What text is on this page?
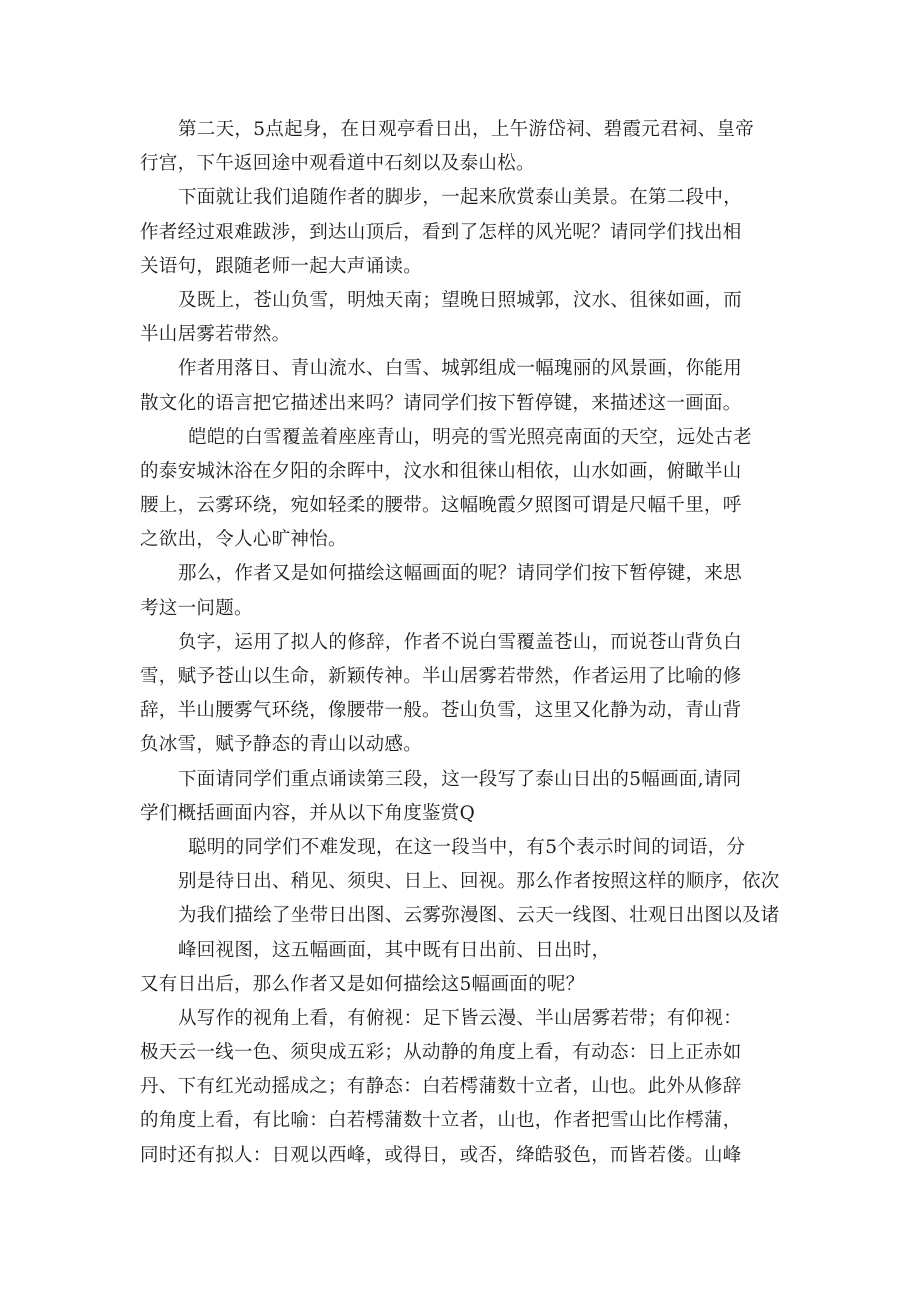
第二天，5点起身，在日观亭看日出，上午游岱祠、碧霞元君祠、皇帝
行宫，下午返回途中观看道中石刻以及泰山松。
下面就让我们追随作者的脚步，一起来欣赏泰山美景。在第二段中，
作者经过艰难跋涉，到达山顶后，看到了怎样的风光呢？请同学们找出相
关语句，跟随老师一起大声诵读。
及既上，苍山负雪，明烛天南；望晚日照城郭，汶水、徂徕如画，而
半山居雾若带然。
作者用落日、青山流水、白雪、城郭组成一幅瑰丽的风景画，你能用
散文化的语言把它描述出来吗？请同学们按下暂停键，来描述这一画面。
皑皑的白雪覆盖着座座青山，明亮的雪光照亮南面的天空，远处古老
的泰安城沐浴在夕阳的余晖中，汶水和徂徕山相依，山水如画，俯瞰半山
腰上，云雾环绕，宛如轻柔的腰带。这幅晚霞夕照图可谓是尺幅千里，呼
之欲出，令人心旷神怡。
那么，作者又是如何描绘这幅画面的呢？请同学们按下暂停键，来思
考这一问题。
负字，运用了拟人的修辞，作者不说白雪覆盖苍山，而说苍山背负白
雪，赋予苍山以生命，新颖传神。半山居雾若带然，作者运用了比喻的修
辞，半山腰雾气环绕，像腰带一般。苍山负雪，这里又化静为动，青山背
负冰雪，赋予静态的青山以动感。
下面请同学们重点诵读第三段，这一段写了泰山日出的5幅画面,请同
学们概括画面内容，并从以下角度鉴赏Q
聪明的同学们不难发现，在这一段当中，有5个表示时间的词语，分
别是待日出、稍见、须臾、日上、回视。那么作者按照这样的顺序，依次
为我们描绘了坐带日出图、云雾弥漫图、云天一线图、壮观日出图以及诸
峰回视图，这五幅画面，其中既有日出前、日出时，
又有日出后，那么作者又是如何描绘这5幅画面的呢？
从写作的视角上看，有俯视：足下皆云漫、半山居雾若带；有仰视：
极天云一线一色、须臾成五彩；从动静的角度上看，有动态：日上正赤如
丹、下有红光动摇成之；有静态：白若樗蒲数十立者，山也。此外从修辞
的角度上看，有比喻：白若樗蒲数十立者，山也，作者把雪山比作樗蒲，
同时还有拟人：日观以西峰，或得日，或否，绛皓驳色，而皆若偻。山峰
